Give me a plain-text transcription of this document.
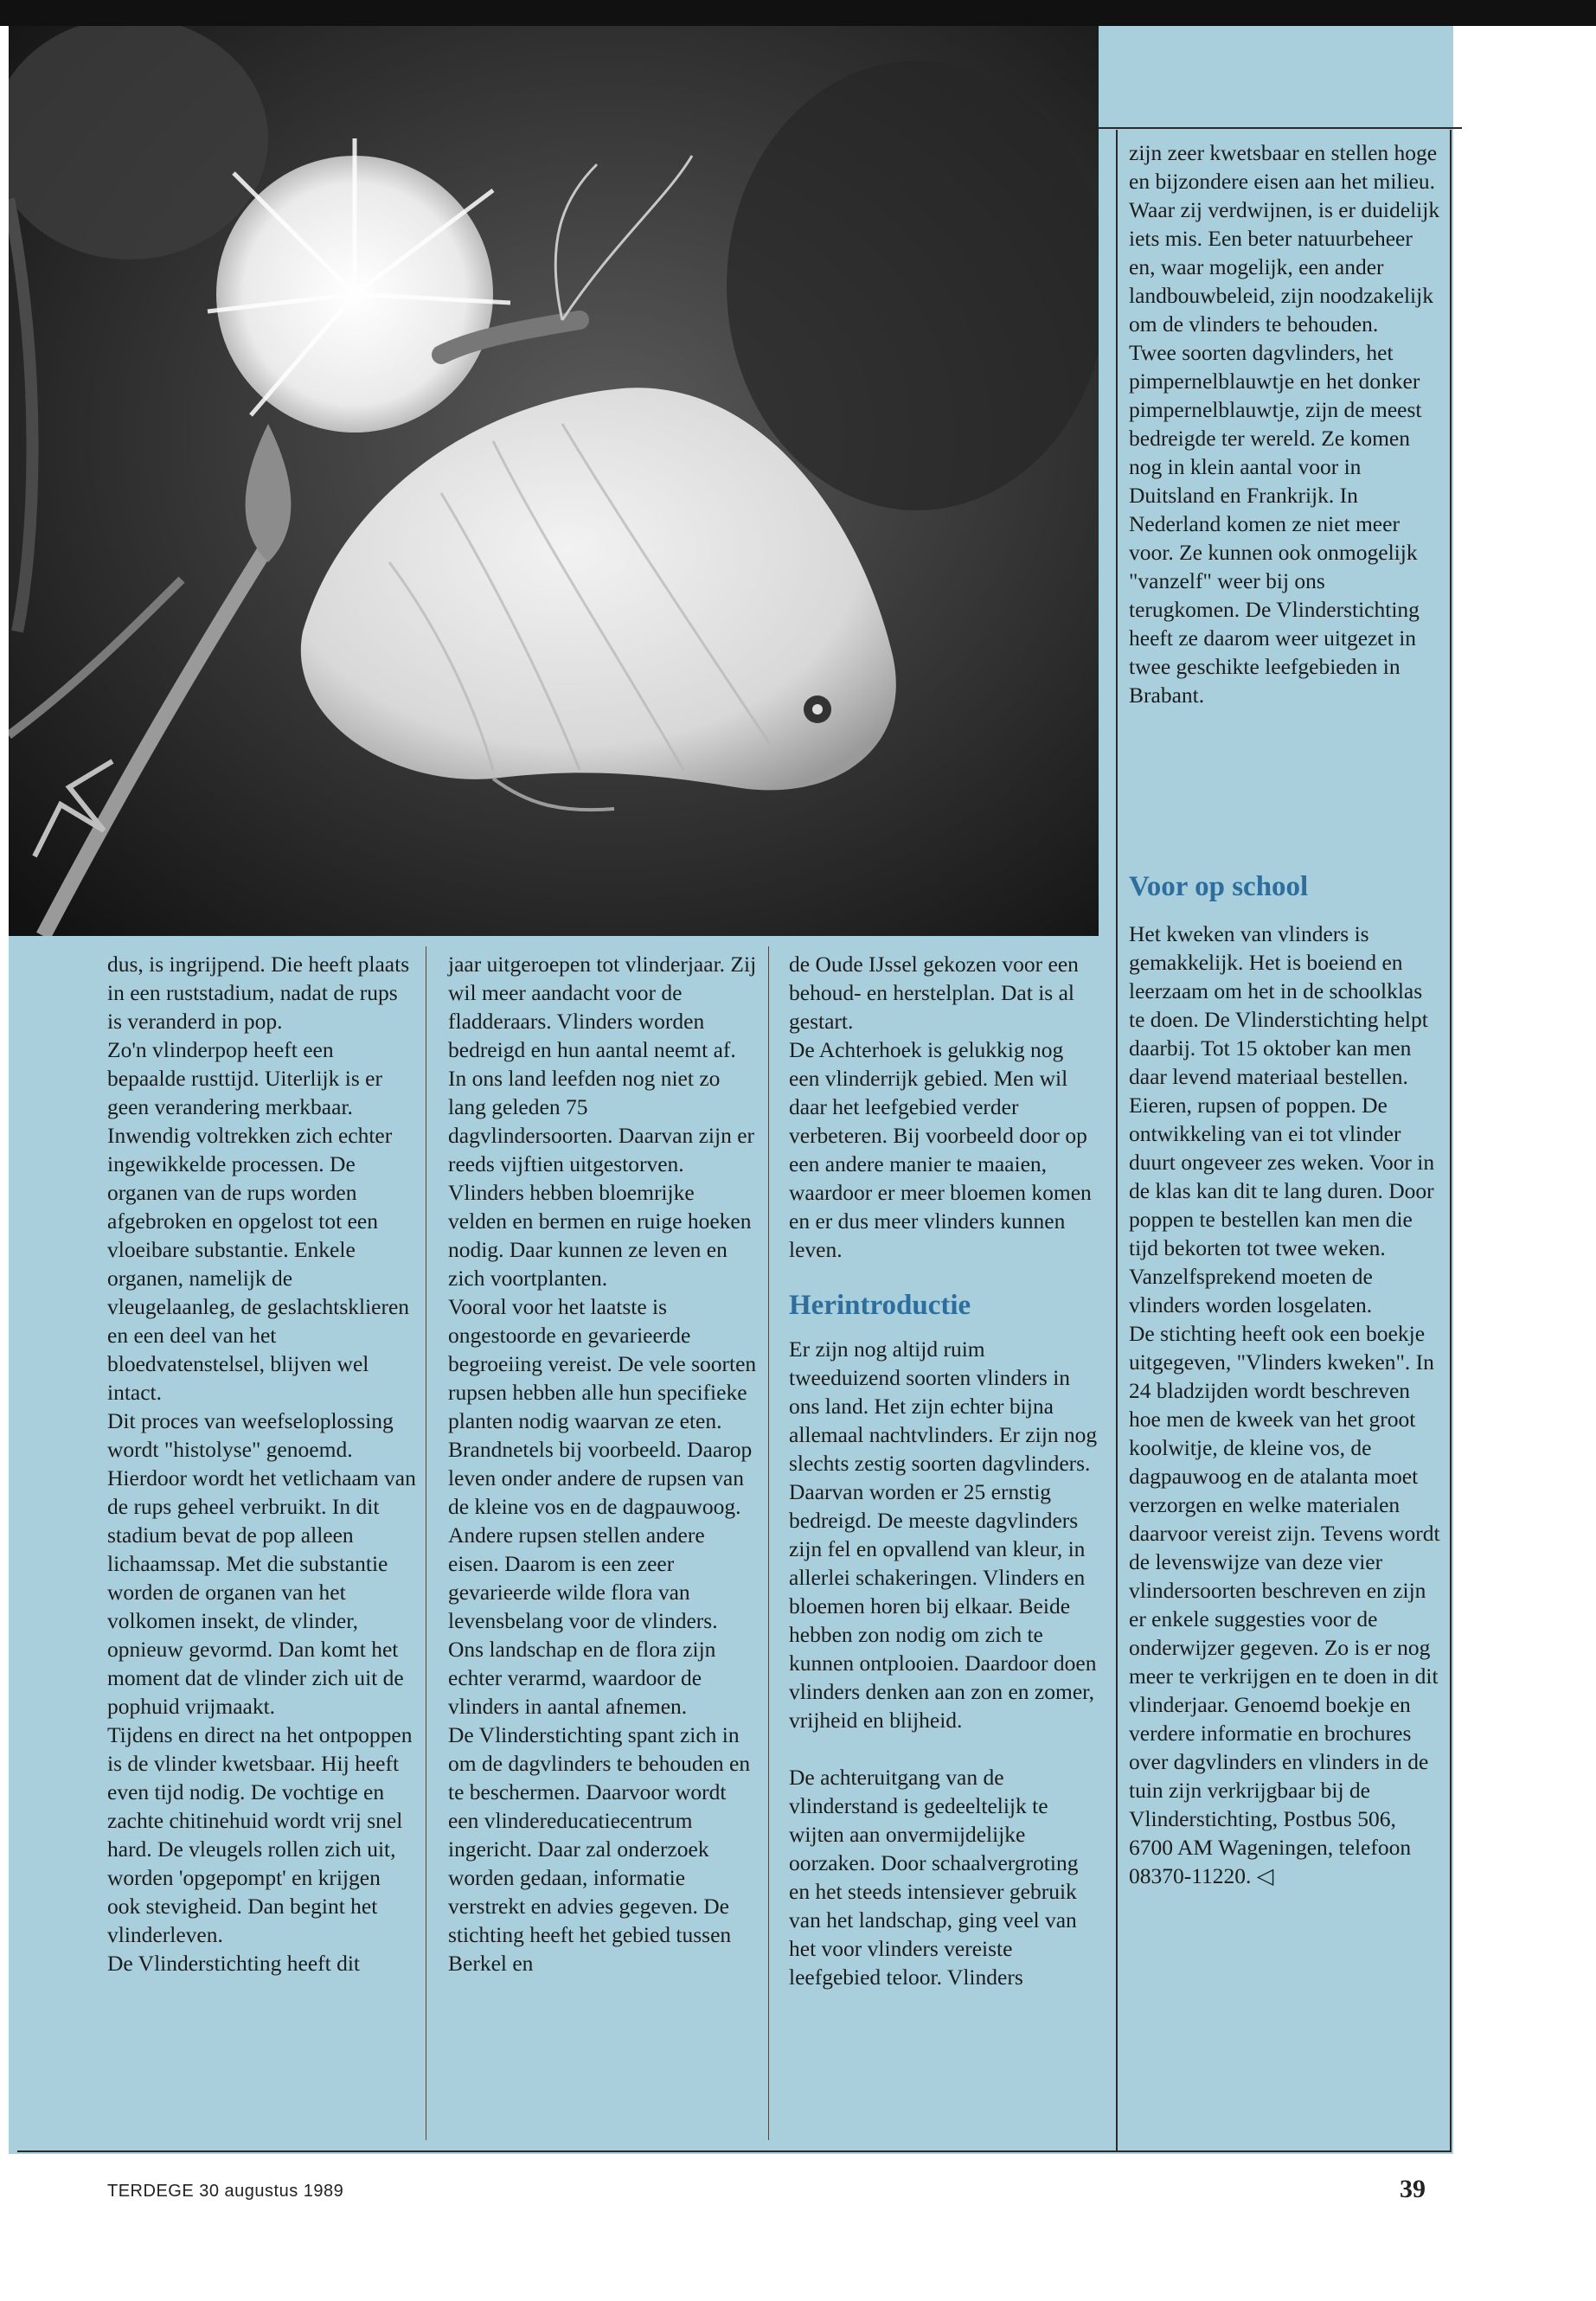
dus, is ingrijpend. Die heeft plaats in een ruststadium, nadat de rups is veranderd in pop.

Zo'n vlinderpop heeft een bepaalde rusttijd. Uiterlijk is er geen verandering merkbaar. Inwendig voltrekken zich echter ingewikkelde processen. De organen van de rups worden afgebroken en opgelost tot een vloeibare substantie. Enkele organen, namelijk de vleugelaanleg, de geslachtsklieren en een deel van het bloedvatenstelsel, blijven wel intact.

Dit proces van weefseloplossing wordt "histolyse" genoemd. Hierdoor wordt het vetlichaam van de rups geheel verbruikt. In dit stadium bevat de pop alleen lichaamssap. Met die substantie worden de organen van het volkomen insekt, de vlinder, opnieuw gevormd. Dan komt het moment dat de vlinder zich uit de pophuid vrijmaakt.

Tijdens en direct na het ontpoppen is de vlinder kwetsbaar. Hij heeft even tijd nodig. De vochtige en zachte chitinehuid wordt vrij snel hard. De vleugels rollen zich uit, worden 'opgepompt' en krijgen ook stevigheid. Dan begint het vlinderleven.

De Vlinderstichting heeft dit

jaar uitgeroepen tot vlinderjaar. Zij wil meer aandacht voor de fladderaars. Vlinders worden bedreigd en hun aantal neemt af. In ons land leefden nog niet zo lang geleden 75 dagvlindersoorten. Daarvan zijn er reeds vijftien uitgestorven. Vlinders hebben bloemrijke velden en bermen en ruige hoeken nodig. Daar kunnen ze leven en zich voortplanten.

Vooral voor het laatste is ongestoorde en gevarieerde begroeiing vereist. De vele soorten rupsen hebben alle hun specifieke planten nodig waarvan ze eten. Brandnetels bij voorbeeld. Daarop leven onder andere de rupsen van de kleine vos en de dagpauwoog. Andere rupsen stellen andere eisen. Daarom is een zeer gevarieerde wilde flora van levensbelang voor de vlinders. Ons landschap en de flora zijn echter verarmd, waardoor de vlinders in aantal afnemen.

De Vlinderstichting spant zich in om de dagvlinders te behouden en te beschermen. Daarvoor wordt een vlindereducatiecentrum ingericht. Daar zal onderzoek worden gedaan, informatie verstrekt en advies gegeven. De stichting heeft het gebied tussen Berkel en

de Oude IJssel gekozen voor een behoud- en herstelplan. Dat is al gestart.

De Achterhoek is gelukkig nog een vlinderrijk gebied. Men wil daar het leefgebied verder verbeteren. Bij voorbeeld door op een andere manier te maaien, waardoor er meer bloemen komen en er dus meer vlinders kunnen leven.

Herintroductie

Er zijn nog altijd ruim tweeduizend soorten vlinders in ons land. Het zijn echter bijna allemaal nachtvlinders. Er zijn nog slechts zestig soorten dagvlinders. Daarvan worden er 25 ernstig bedreigd. De meeste dagvlinders zijn fel en opvallend van kleur, in allerlei schakeringen. Vlinders en bloemen horen bij elkaar. Beide hebben zon nodig om zich te kunnen ontplooien. Daardoor doen vlinders denken aan zon en zomer, vrijheid en blijheid.

De achteruitgang van de vlinderstand is gedeeltelijk te wijten aan onvermijdelijke oorzaken. Door schaalvergroting en het steeds intensiever gebruik van het landschap, ging veel van het voor vlinders vereiste leefgebied teloor. Vlinders

zijn zeer kwetsbaar en stellen hoge en bijzondere eisen aan het milieu. Waar zij verdwijnen, is er duidelijk iets mis. Een beter natuurbeheer en, waar mogelijk, een ander landbouwbeleid, zijn noodzakelijk om de vlinders te behouden.

Twee soorten dagvlinders, het pimpernelblauwtje en het donker pimpernelblauwtje, zijn de meest bedreigde ter wereld. Ze komen nog in klein aantal voor in Duitsland en Frankrijk. In Nederland komen ze niet meer voor. Ze kunnen ook onmogelijk "vanzelf" weer bij ons terugkomen. De Vlinderstichting heeft ze daarom weer uitgezet in twee geschikte leefgebieden in Brabant.

Voor op school

Het kweken van vlinders is gemakkelijk. Het is boeiend en leerzaam om het in de schoolklas te doen. De Vlinderstichting helpt daarbij. Tot 15 oktober kan men daar levend materiaal bestellen. Eieren, rupsen of poppen. De ontwikkeling van ei tot vlinder duurt ongeveer zes weken. Voor in de klas kan dit te lang duren. Door poppen te bestellen kan men die tijd bekorten tot twee weken. Vanzelfsprekend moeten de vlinders worden losgelaten.

De stichting heeft ook een boekje uitgegeven, "Vlinders kweken". In 24 bladzijden wordt beschreven hoe men de kweek van het groot koolwitje, de kleine vos, de dagpauwoog en de atalanta moet verzorgen en welke materialen daarvoor vereist zijn. Tevens wordt de levenswijze van deze vier vlindersoorten beschreven en zijn er enkele suggesties voor de onderwijzer gegeven. Zo is er nog meer te verkrijgen en te doen in dit vlinderjaar. Genoemd boekje en verdere informatie en brochures over dagvlinders en vlinders in de tuin zijn verkrijgbaar bij de Vlinderstichting, Postbus 506, 6700 AM Wageningen, telefoon 08370-11220. ◁

TERDEGE 30 augustus 1989	39
